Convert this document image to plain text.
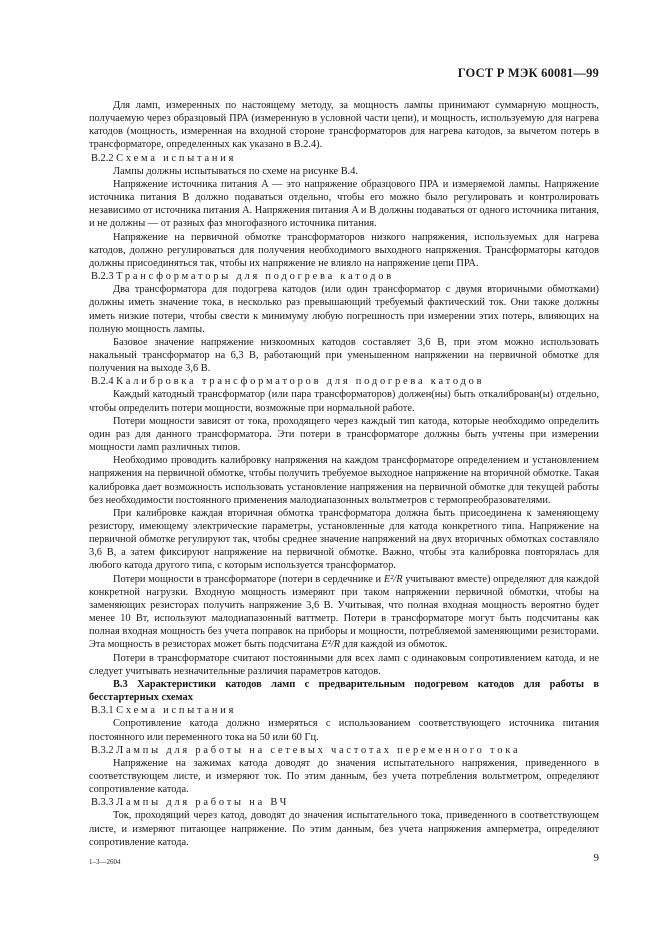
ГОСТ Р МЭК 60081—99

Для ламп, измеренных по настоящему методу, за мощность лампы принимают суммарную мощность, получаемую через образцовый ПРА (измеренную в условной части цепи), и мощность, используемую для нагрева катодов (мощность, измеренная на входной стороне трансформаторов для нагрева катодов, за вычетом потерь в трансформаторе, определенных как указано в B.2.4).

B.2.2 Схема испытания

Лампы должны испытываться по схеме на рисунке B.4.

Напряжение источника питания A — это напряжение образцового ПРА и измеряемой лампы. Напряжение источника питания B должно подаваться отдельно, чтобы его можно было регулировать и контролировать независимо от источника питания A. Напряжения питания A и B должны подаваться от одного источника питания, и не должны — от разных фаз многофазного источника питания.

Напряжение на первичной обмотке трансформаторов низкого напряжения, используемых для нагрева катодов, должно регулироваться для получения необходимого выходного напряжения. Трансформаторы катодов должны присоединяться так, чтобы их напряжение не влияло на напряжение цепи ПРА.

B.2.3 Трансформаторы для подогрева катодов

Два трансформатора для подогрева катодов (или один трансформатор с двумя вторичными обмотками) должны иметь значение тока, в несколько раз превышающий требуемый фактический ток. Они также должны иметь низкие потери, чтобы свести к минимуму любую погрешность при измерении этих потерь, влияющих на полную мощность лампы.

Базовое значение напряжение низкоомных катодов составляет 3,6 В, при этом можно использовать накальный трансформатор на 6,3 В, работающий при уменьшенном напряжении на первичной обмотке для получения на выходе 3,6 В.

B.2.4 Калибровка трансформаторов для подогрева катодов

Каждый катодный трансформатор (или пара трансформаторов) должен(ны) быть откалиброван(ы) отдельно, чтобы определить потери мощности, возможные при нормальной работе.

Потери мощности зависят от тока, проходящего через каждый тип катода, которые необходимо определить один раз для данного трансформатора. Эти потери в трансформаторе должны быть учтены при измерении мощности ламп различных типов.

Необходимо проводить калибровку напряжения на каждом трансформаторе определением и установлением напряжения на первичной обмотке, чтобы получить требуемое выходное напряжение на вторичной обмотке. Такая калибровка дает возможность использовать установление напряжения на первичной обмотке для текущей работы без необходимости постоянного применения малодиапазонных вольтметров с термопреобразователями.

При калибровке каждая вторичная обмотка трансформатора должна быть присоединена к заменяющему резистору, имеющему электрические параметры, установленные для катода конкретного типа. Напряжение на первичной обмотке регулируют так, чтобы среднее значение напряжений на двух вторичных обмотках составляло 3,6 В, а затем фиксируют напряжение на первичной обмотке. Важно, чтобы эта калибровка повторялась для любого катода другого типа, с которым используется трансформатор.

Потери мощности в трансформаторе (потери в сердечнике и E²/R учитывают вместе) определяют для каждой конкретной нагрузки. Входную мощность измеряют при таком напряжении первичной обмотки, чтобы на заменяющих резисторах получить напряжение 3,6 В. Учитывая, что полная входная мощность вероятно будет менее 10 Вт, используют малодиапазонный ваттметр. Потери в трансформаторе могут быть подсчитаны как полная входная мощность без учета поправок на приборы и мощности, потребляемой заменяющими резисторами. Эта мощность в резисторах может быть подсчитана E²/R для каждой из обмоток.

Потери в трансформаторе считают постоянными для всех ламп с одинаковым сопротивлением катода, и не следует учитывать незначительные различия параметров катодов.

B.3 Характеристики катодов ламп с предварительным подогревом катодов для работы в бесстартерных схемах

B.3.1 Схема испытания

Сопротивление катода должно измеряться с использованием соответствующего источника питания постоянного или переменного тока на 50 или 60 Гц.

B.3.2 Лампы для работы на сетевых частотах переменного тока

Напряжение на зажимах катода доводят до значения испытательного напряжения, приведенного в соответствующем листе, и измеряют ток. По этим данным, без учета потребления вольтметром, определяют сопротивление катода.

B.3.3 Лампы для работы на ВЧ

Ток, проходящий через катод, доводят до значения испытательного тока, приведенного в соответствующем листе, и измеряют питающее напряжение. По этим данным, без учета напряжения амперметра, определяют сопротивление катода.

1–3—2604	9
